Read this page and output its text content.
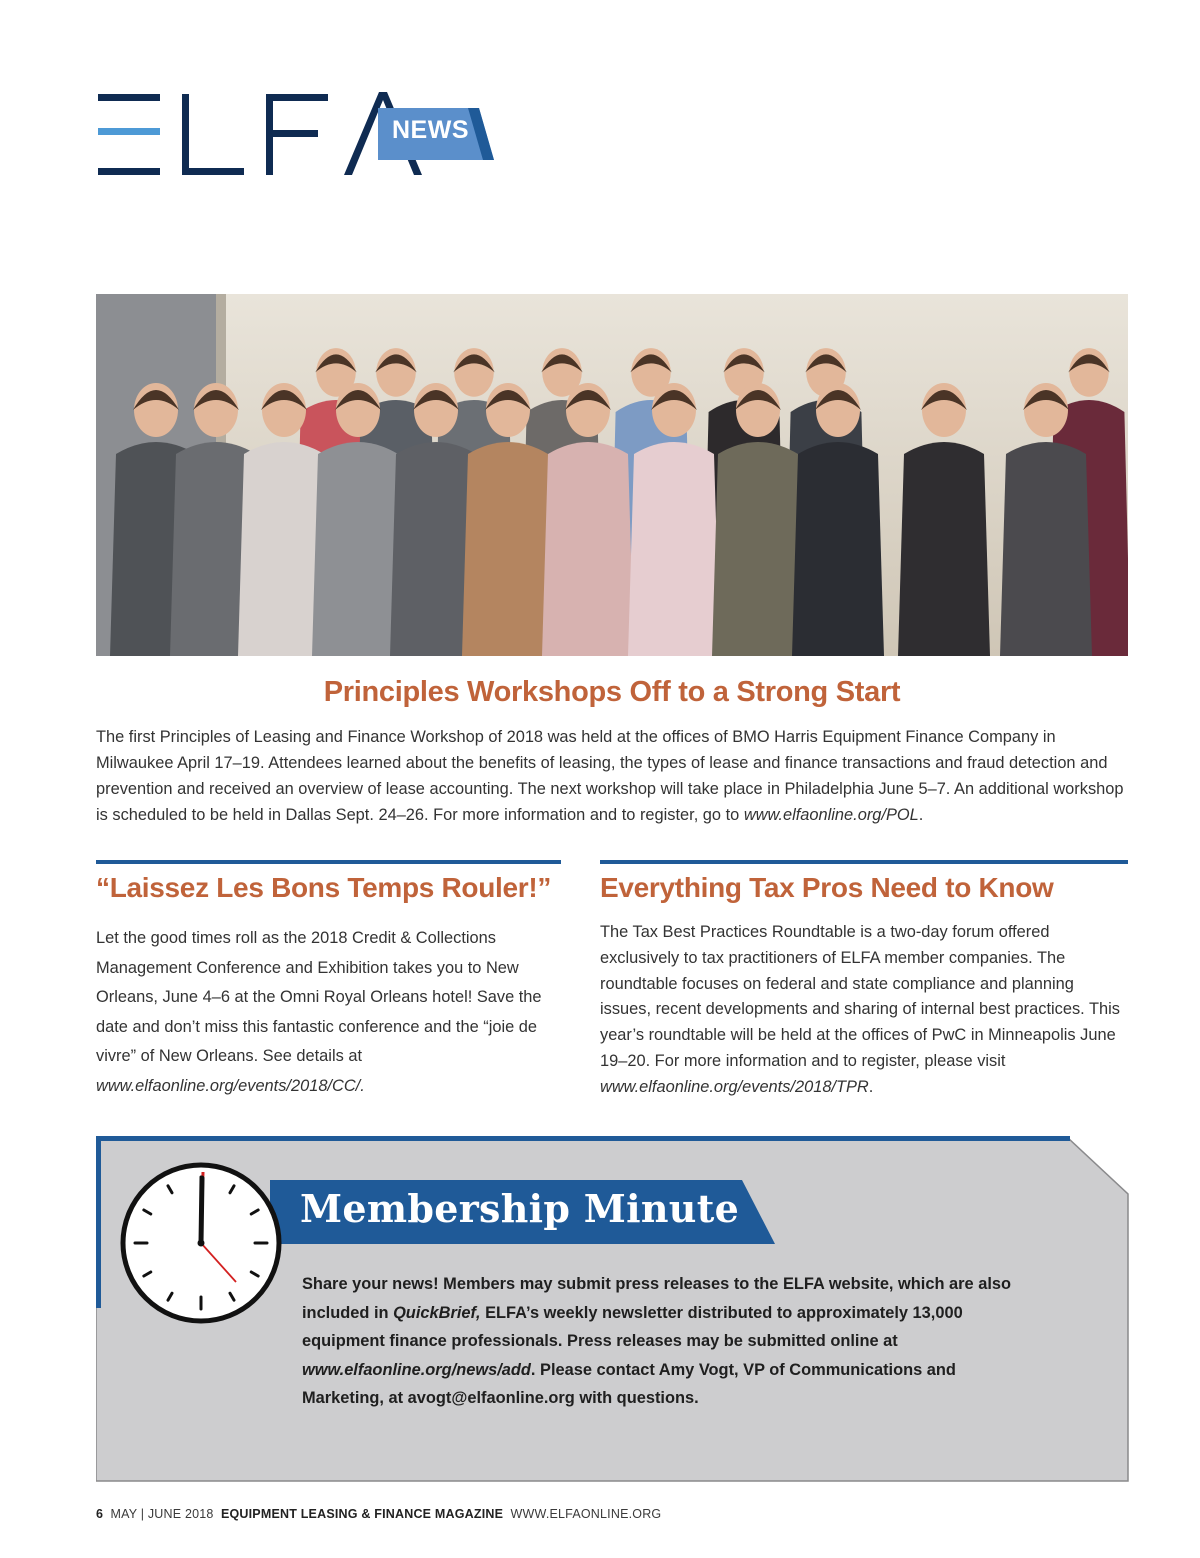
NEWS
Principles Workshops Off to a Strong Start

The first Principles of Leasing and Finance Workshop of 2018 was held at the offices of BMO Harris Equipment Finance Company in Milwaukee April 17–19. Attendees learned about the benefits of leasing, the types of lease and finance transactions and fraud detection and prevention and received an overview of lease accounting. The next workshop will take place in Philadelphia June 5–7. An additional workshop is scheduled to be held in Dallas Sept. 24–26. For more information and to register, go to www.elfaonline.org/POL.

“Laissez Les Bons Temps Rouler!”

Let the good times roll as the 2018 Credit & Collections Management Conference and Exhibition takes you to New Orleans, June 4–6 at the Omni Royal Orleans hotel! Save the date and don’t miss this fantastic conference and the “joie de vivre” of New Orleans. See details at www.elfaonline.org/events/2018/CC/.

Everything Tax Pros Need to Know

The Tax Best Practices Roundtable is a two-day forum offered exclusively to tax practitioners of ELFA member companies. The roundtable focuses on federal and state compliance and planning issues, recent developments and sharing of internal best practices. This year’s roundtable will be held at the offices of PwC in Minneapolis June 19–20. For more information and to register, please visit www.elfaonline.org/events/2018/TPR.

Membership Minute

Share your news! Members may submit press releases to the ELFA website, which are also included in QuickBrief, ELFA’s weekly newsletter distributed to approximately 13,000 equipment finance professionals. Press releases may be submitted online at www.elfaonline.org/news/add. Please contact Amy Vogt, VP of Communications and Marketing, at avogt@elfaonline.org with questions.

6 MAY | JUNE 2018 EQUIPMENT LEASING & FINANCE MAGAZINE WWW.ELFAONLINE.ORG
